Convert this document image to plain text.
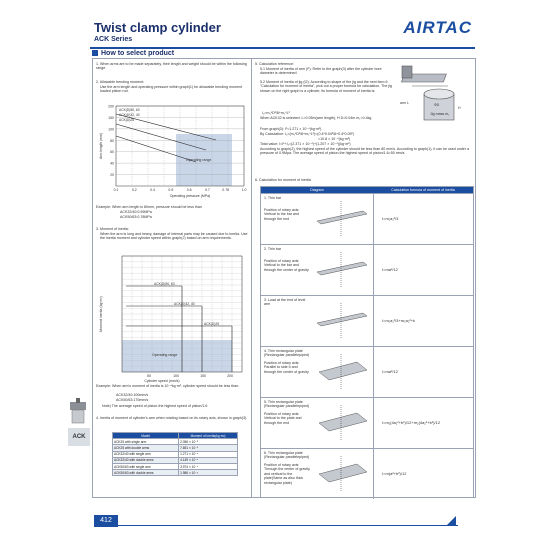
Twist clamp cylinder
ACK Series
AIRTAC
How to select product
1. When arms are to be made separately, their length and weight should be within the following range.
2. Allowable bending moment:
Use the arm length and operating pressure within graph(1) for allowable bending moment loaded piston rod.
200
150
100
80
60
40
20
0.1	0.2	0.4	0.5	0.6	0.7	0.78	1.0
ACK(D)50, 63
ACK(D)32, 40
ACK(D)25
Operating range
Operating pressure (MPa)
Arm length (mm)
Example: When arm length is 80mm, pressure should be less than
ACK32/40:0.59MPa
ACK50/63:0.78MPa
3. Moment of inertia:
When the arm is long and heavy, damage of internal parts may be caused due to inertia. Use the inertia moment and cylinder speed within graph(2) based on arm requirements.
ACK(D)50, 63
ACK(D)32, 40
ACK(D)25
Operating range
50	100	150	200
Cylinder speed (mm/s)
Moment inertia (kg·m²)
Example: When arm's moment of inertia is 10⁻⁴kg·m², cylinder speed should be less than:
ACK32/40:100mm/s
ACK50/63:170mm/s
Note) The average speed of piston-the highest speed of piston/1.6
4. Inertia of moment of cylinder's arm when rotating based on its rotary axis, shown in graph(3).
Model	Moment of inertia(kg·m²)
ACK25 with single arm	2.056 × 10⁻⁵
ACK25 with double arms	7.651 × 10⁻⁵
ACK32/40 with single arm	1.271 × 10⁻⁴
ACK32/40 with double arms	4.149 × 10⁻⁴
ACK50/63 with single arm	3.974 × 10⁻⁴
ACK50/63 with double arms	1.986 × 10⁻³
ACK
5. Calculation reference:
5.1 Moment of inertia of arm (I¹): Refer to the graph(3) after the cylinder bore diameter is determined.
5.2 Moment of inertia of jig (I2): According to shape of the jig and the next item 6 "Calculation for moment of inertia", pick out a proper formula for calculation. The jig shown on the right graph is a cylinder, its formula of moment of inertia is:
I₂=m₁*D²/8+m₁*L²
When ACK32 is selected: L=0.05m(arm length), H D=0.04m m₁=0.4kg
From graph(3): I¹=1.271 × 10⁻⁴(kg·m²)
By Calculation: I₂=(m₁*D²/8+m₁*L²)=(0.4*0.04²/8+0.4*0.05²)
=10.8 × 10⁻⁴(kg·m²)
Total value: I=I¹+I₂=(2.371 × 10⁻⁴)+(1.207 × 10⁻⁴)(kg·m²)
According to graph(2), the highest speed of the cylinder should be less than 80 mm/s. According to graph(1), it can be used under a pressure of 0.9Mpa. The average speed of piston-the highest speed of piston/1.6=50 mm/s.
arm L
H
ΦD
Jig mass m₁
6. Calculation for moment of inertia
Diagram	Calculation formula of moment of inertia
1. Thin bar
Position of rotary axis: Vertical to the bar and through the end	I=m₁a₁²/3
2. Thin bar
Position of rotary axis: Vertical to the bar and through the center of gravity	I=ma²/12
3. Load at the end of level arm
I=m₁a₁²/3+m₂a₂²+k
4. Thin rectangular plate (Rectangular parallelepiped)
Position of rotary axis: Parallel to side b and through the center of gravity	I=ma²/12
5. Thin rectangular plate (Rectangular parallelepiped)
Position of rotary axis: Vertical to the plate and through the end	I=m₁(4a₁²+b²)/12+m₂(4a₂²+b²)/12
6. Thin rectangular plate (Rectangular parallelepiped)
Position of rotary axis: Through the center of gravity and vertical to the plate(Same as also thick rectangular plate)
I=m(a²+b²)/12
412
